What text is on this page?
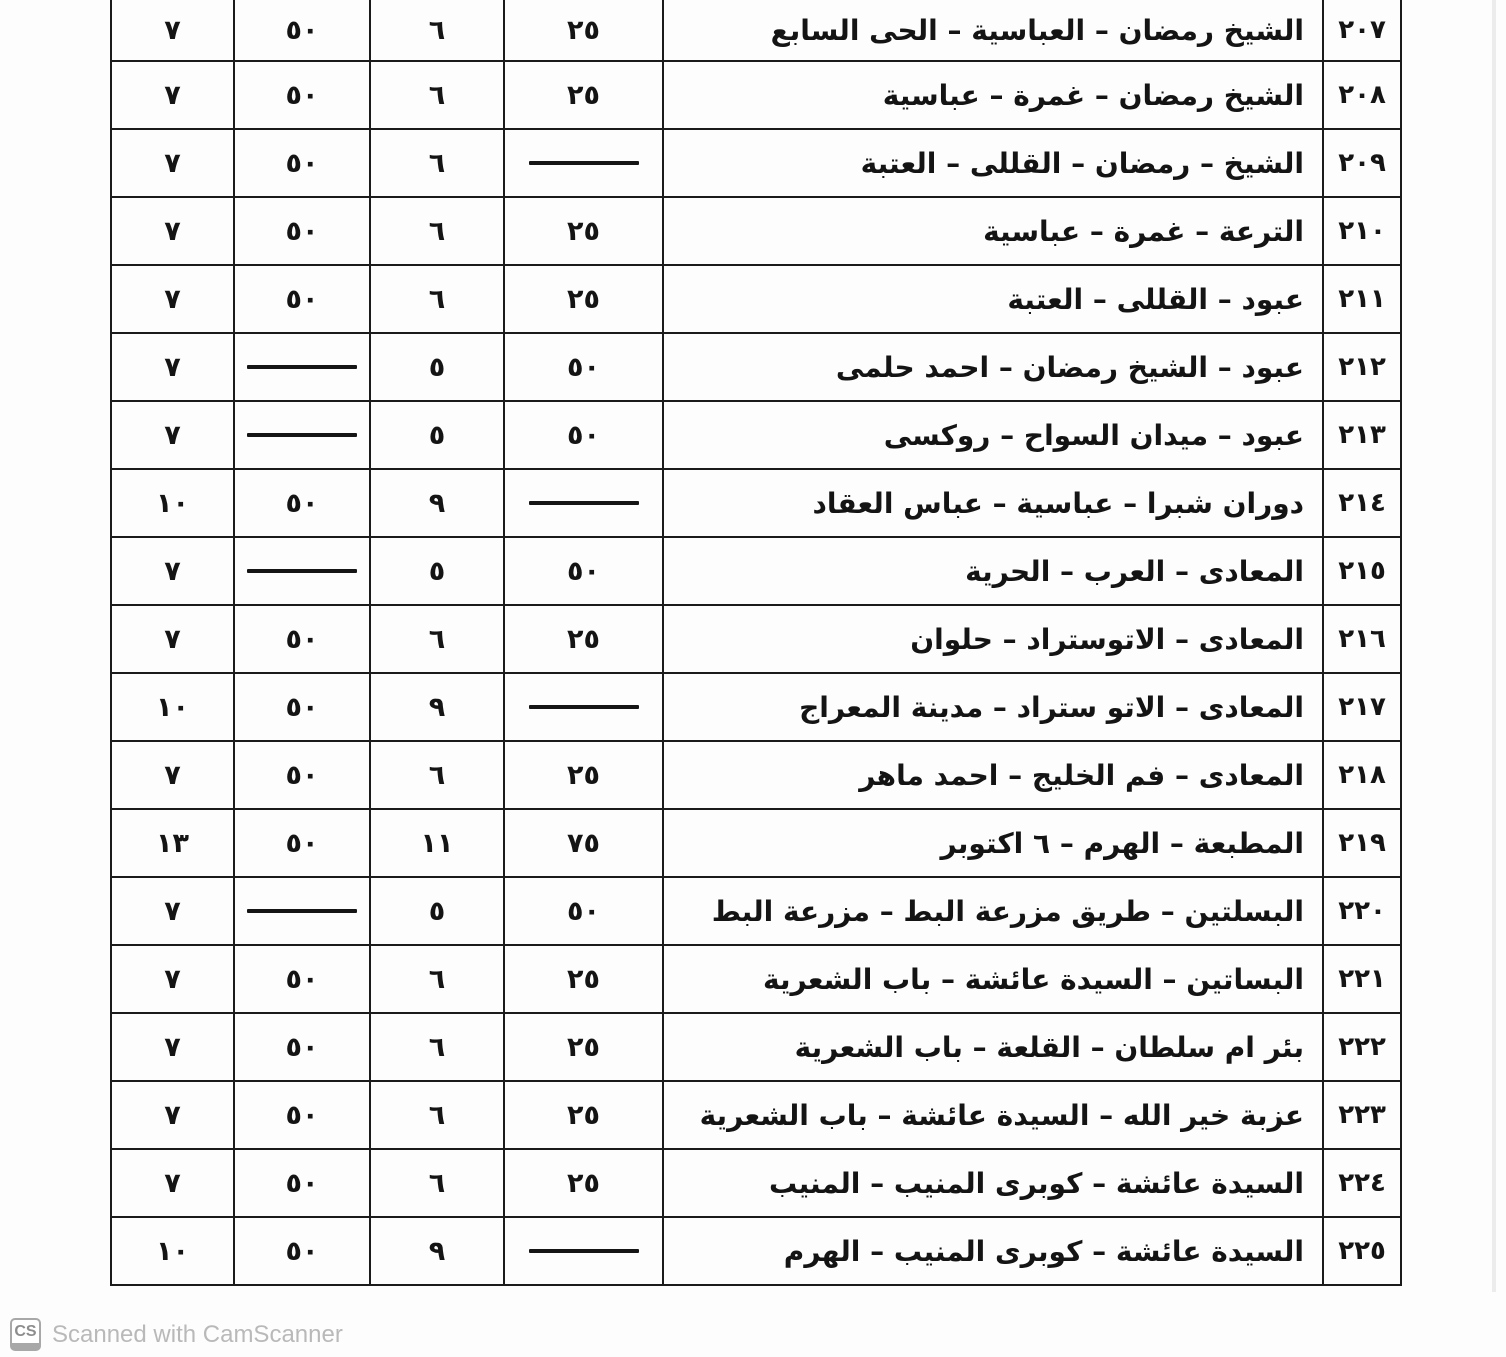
٢٠٧
الشيخ رمضان – العباسية – الحى السابع
٢٥
٦
٥٠
٧
٢٠٨
الشيخ رمضان – غمرة – عباسية
٢٥
٦
٥٠
٧
٢٠٩
الشيخ – رمضان – القللى – العتبة
٦
٥٠
٧
٢١٠
الترعة – غمرة – عباسية
٢٥
٦
٥٠
٧
٢١١
عبود – القللى – العتبة
٢٥
٦
٥٠
٧
٢١٢
عبود – الشيخ رمضان – احمد حلمى
٥٠
٥
٧
٢١٣
عبود – ميدان السواح – روكسى
٥٠
٥
٧
٢١٤
دوران شبرا – عباسية – عباس العقاد
٩
٥٠
١٠
٢١٥
المعادى – العرب – الحرية
٥٠
٥
٧
٢١٦
المعادى – الاتوستراد – حلوان
٢٥
٦
٥٠
٧
٢١٧
المعادى – الاتو ستراد – مدينة المعراج
٩
٥٠
١٠
٢١٨
المعادى – فم الخليج – احمد ماهر
٢٥
٦
٥٠
٧
٢١٩
المطبعة – الهرم – ٦ اكتوبر
٧٥
١١
٥٠
١٣
٢٢٠
البسلتين – طريق مزرعة البط – مزرعة البط
٥٠
٥
٧
٢٢١
البساتين – السيدة عائشة – باب الشعرية
٢٥
٦
٥٠
٧
٢٢٢
بئر ام سلطان – القلعة – باب الشعرية
٢٥
٦
٥٠
٧
٢٢٣
عزبة خير الله – السيدة عائشة – باب الشعرية
٢٥
٦
٥٠
٧
٢٢٤
السيدة عائشة – كوبرى المنيب – المنيب
٢٥
٦
٥٠
٧
٢٢٥
السيدة عائشة – كوبرى المنيب – الهرم
٩
٥٠
١٠
CS Scanned with CamScanner
